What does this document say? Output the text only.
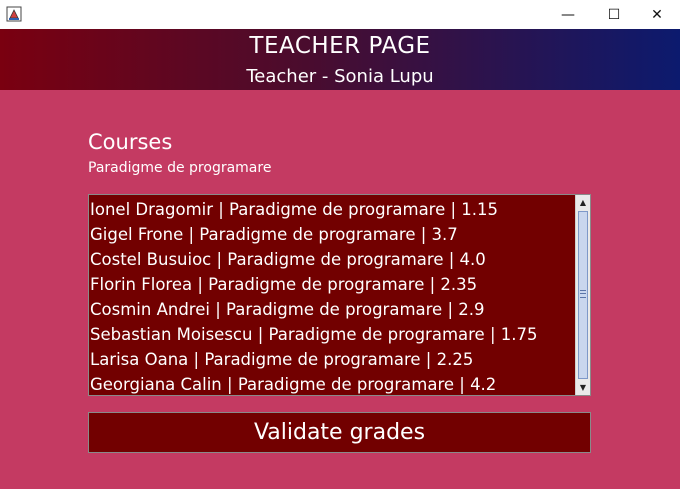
— ☐ ✕
TEACHER PAGE
Teacher - Sonia Lupu
Courses
Paradigme de programare
Ionel Dragomir | Paradigme de programare | 1.15
Gigel Frone | Paradigme de programare | 3.7
Costel Busuioc | Paradigme de programare | 4.0
Florin Florea | Paradigme de programare | 2.35
Cosmin Andrei | Paradigme de programare | 2.9
Sebastian Moisescu | Paradigme de programare | 1.75
Larisa Oana | Paradigme de programare | 2.25
Georgiana Calin | Paradigme de programare | 4.2
▲
▼
Validate grades
